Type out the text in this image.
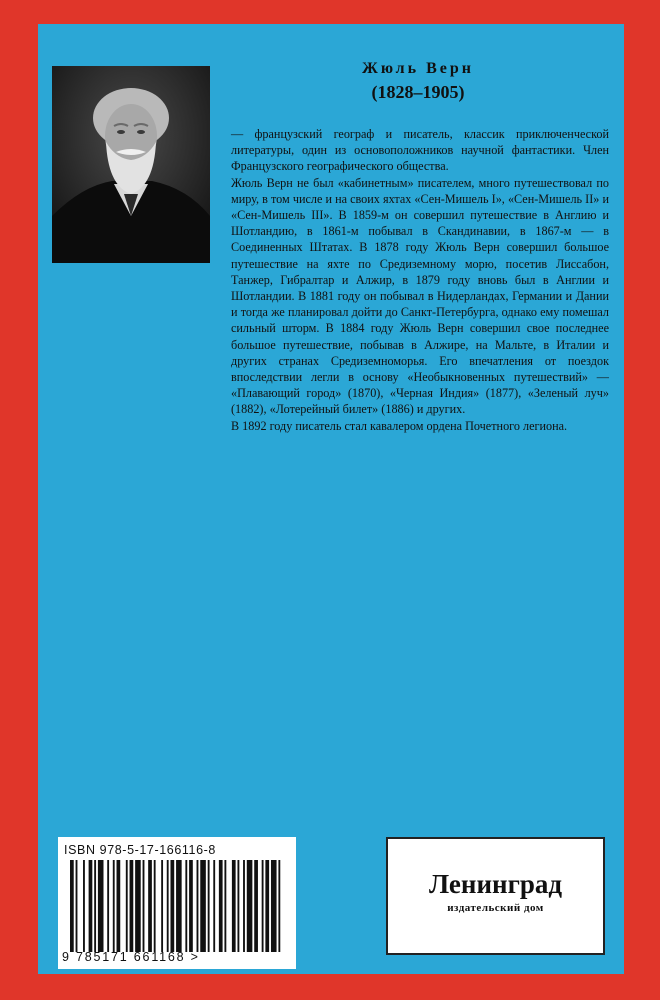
Жюль Верн
(1828–1905)

— французский географ и писатель, классик приключенческой литературы, один из основоположников научной фантастики. Член Французского географического общества.

Жюль Верн не был «кабинетным» писателем, много путешествовал по миру, в том числе и на своих яхтах «Сен-Мишель I», «Сен-Мишель II» и «Сен-Мишель III». В 1859-м он совершил путешествие в Англию и Шотландию, в 1861-м побывал в Скандинавии, в 1867-м — в Соединенных Штатах. В 1878 году Жюль Верн совершил большое путешествие на яхте по Средиземному морю, посетив Лиссабон, Танжер, Гибралтар и Алжир, в 1879 году вновь был в Англии и Шотландии. В 1881 году он побывал в Нидерландах, Германии и Дании и тогда же планировал дойти до Санкт-Петербурга, однако ему помешал сильный шторм. В 1884 году Жюль Верн совершил свое последнее большое путешествие, побывав в Алжире, на Мальте, в Италии и других странах Средиземноморья. Его впечатления от поездок впоследствии легли в основу «Необыкновенных путешествий» — «Плавающий город» (1870), «Черная Индия» (1877), «Зеленый луч» (1882), «Лотерейный билет» (1886) и других.

В 1892 году писатель стал кавалером ордена Почетного легиона.

ISBN 978-5-17-166116-8
9 785171 661168 >
Ленинград
издательский дом
